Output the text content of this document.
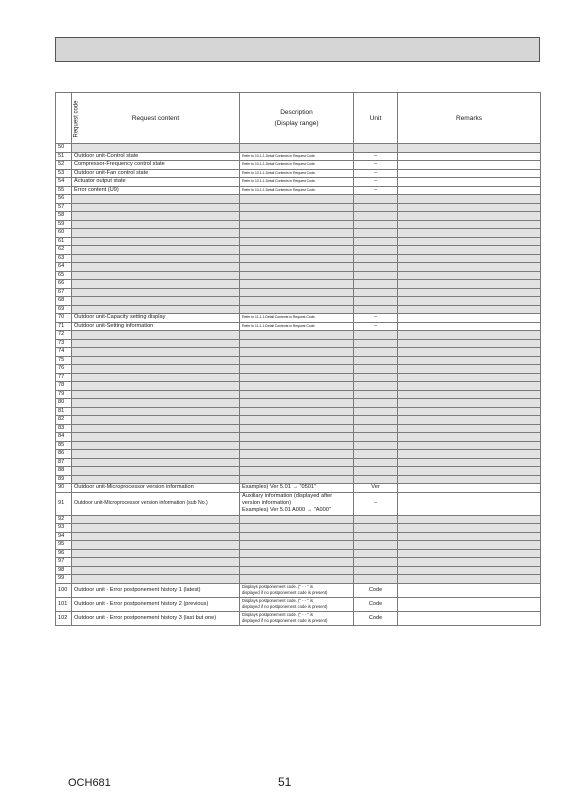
Request code	Request content	Description
(Display range)	Unit	Remarks
50				
51	Outdoor unit-Control state	Refer to 10-1-1.Detail Contents in Request Code.	–	
52	Compressor-Frequency control state	Refer to 10-1-1.Detail Contents in Request Code.	–	
53	Outdoor unit-Fan control state	Refer to 10-1-1.Detail Contents in Request Code.	–	
54	Actuator output state	Refer to 10-1-1.Detail Contents in Request Code.	–	
55	Error content (U9)	Refer to 10-1-1.Detail Contents in Request Code.	–	
56				
57				
58				
59				
60				
61				
62				
63				
64				
65				
66				
67				
68				
69				
70	Outdoor unit-Capacity setting display	Refer to 11-1-1.Detail Contents in Request Code.	–	
71	Outdoor unit-Setting information	Refer to 11-1-1.Detail Contents in Request Code.	–	
72				
73				
74				
75				
76				
77				
78				
79				
80				
81				
82				
83				
84				
85				
86				
87				
88				
89				
90	Outdoor unit-Microprocessor version information	Examples) Ver 5.01 → "0501"	Ver	
91	Outdoor unit-Microprocessor version information (sub No.)	Auxiliary information (displayed after version information)
Examples) Ver 5.01 A000 → "A000"	–	
92				
93				
94				
95				
96				
97				
98				
99				
100	Outdoor unit - Error postponement history 1 (latest)	Displays postponement code. (" - - " is
displayed if no postponement code is present)	Code	
101	Outdoor unit - Error postponement history 2 (previous)	Displays postponement code. (" - - " is
displayed if no postponement code is present)	Code	
102	Outdoor unit - Error postponement history 3 (last but one)	Displays postponement code. (" - - " is
displayed if no postponement code is present)	Code	
OCH681	51
